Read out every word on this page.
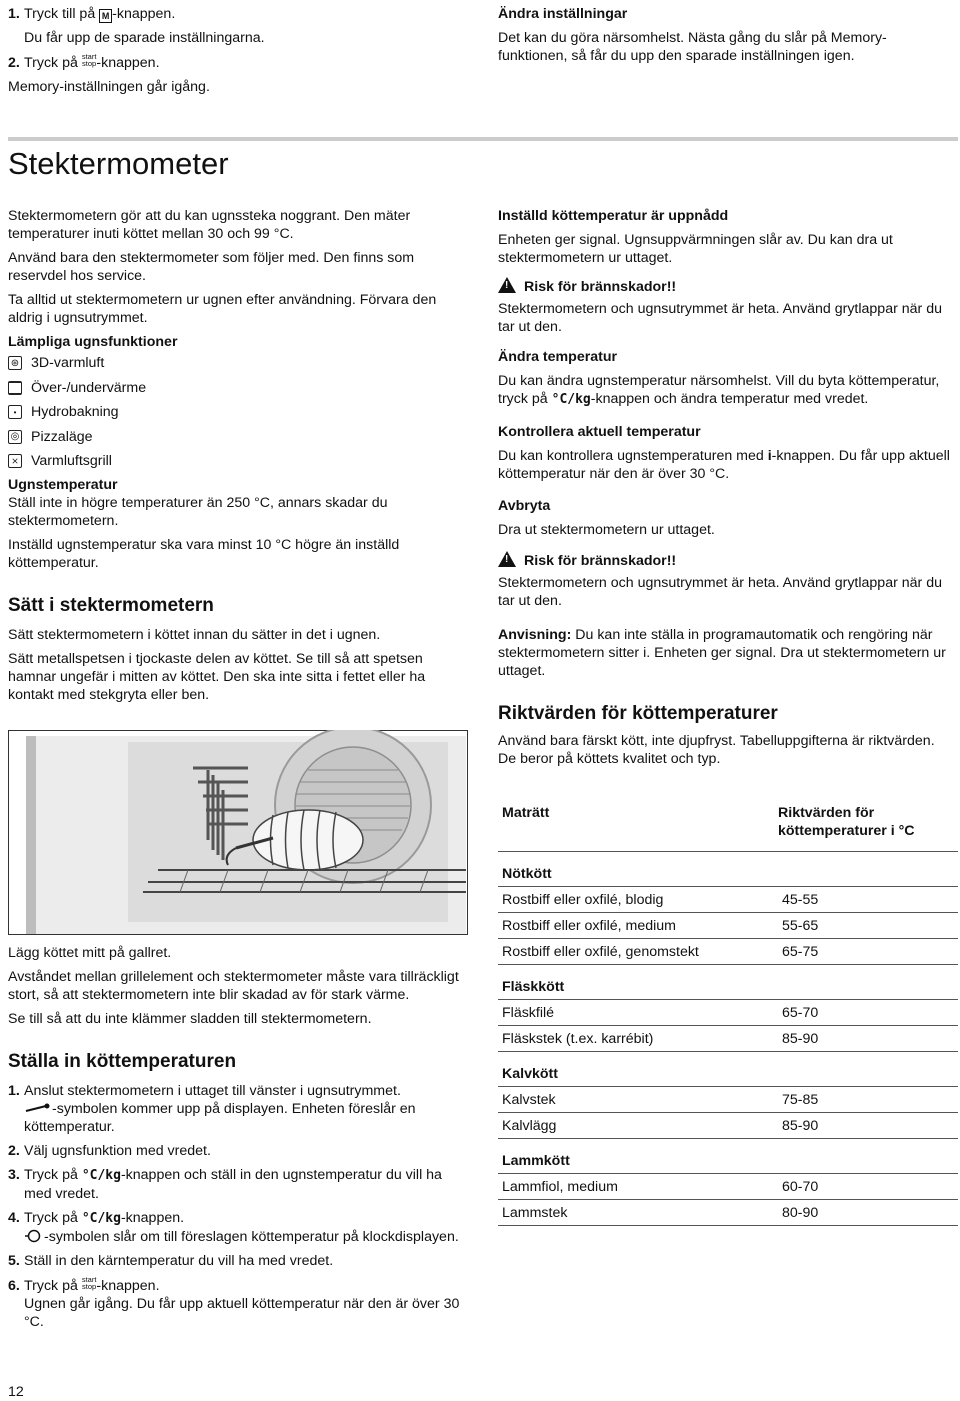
1. Tryck till på M -knappen.

Du får upp de sparade inställningarna.

2. Tryck på start
stop-knappen.

Memory-inställningen går igång.

Ändra inställningar

Det kan du göra närsomhelst. Nästa gång du slår på Memory-funktionen, så får du upp den sparade inställningen igen.

Stektermometer

Stektermometern gör att du kan ugnssteka noggrant. Den mäter temperaturer inuti köttet mellan 30 och 99 °C.

Använd bara den stektermometer som följer med. Den finns som reservdel hos service.

Ta alltid ut stektermometern ur ugnen efter användning. Förvara den aldrig i ugnsutrymmet.

Lämpliga ugnsfunktioner

⊛ 3D-varmluft
Över-/undervärme
•	Hydrobakning
◎ Pizzaläge
⨯ Varmluftsgrill

Ugnstemperatur

Ställ inte in högre temperaturer än 250 °C, annars skadar du stektermometern.

Inställd ugnstemperatur ska vara minst 10 °C högre än inställd köttemperatur.

Sätt i stektermometern

Sätt stektermometern i köttet innan du sätter in det i ugnen.

Sätt metallspetsen i tjockaste delen av köttet. Se till så att spetsen hamnar ungefär i mitten av köttet. Den ska inte sitta i fettet eller ha kontakt med stekgryta eller ben.

Lägg köttet mitt på gallret.

Avståndet mellan grillelement och stektermometer måste vara tillräckligt stort, så att stektermometern inte blir skadad av för stark värme.

Se till så att du inte klämmer sladden till stektermometern.

Ställa in köttemperaturen

1. Anslut stektermometern i uttaget till vänster i ugnsutrymmet.

-symbolen kommer upp på displayen. Enheten föreslår en köttemperatur.

2. Välj ugnsfunktion med vredet.

3. Tryck på °C/kg-knappen och ställ in den ugnstemperatur du vill ha med vredet.

4. Tryck på °C/kg-knappen.

-symbolen slår om till föreslagen köttemperatur på klockdisplayen.

5. Ställ in den kärntemperatur du vill ha med vredet.

6. Tryck på start
stop-knappen.

Ugnen går igång. Du får upp aktuell köttemperatur när den är över 30 °C.

Inställd köttemperatur är uppnådd

Enheten ger signal. Ugnsuppvärmningen slår av. Du kan dra ut stektermometern ur uttaget.

!Risk för brännskador!!

Stektermometern och ugnsutrymmet är heta. Använd grytlappar när du tar ut den.

Ändra temperatur

Du kan ändra ugnstemperatur närsomhelst. Vill du byta köttemperatur, tryck på °C/kg-knappen och ändra temperatur med vredet.

Kontrollera aktuell temperatur

Du kan kontrollera ugnstemperaturen med i-knappen. Du får upp aktuell köttemperatur när den är över 30 °C.

Avbryta

Dra ut stektermometern ur uttaget.

!Risk för brännskador!!

Stektermometern och ugnsutrymmet är heta. Använd grytlappar när du tar ut den.

Anvisning: Du kan inte ställa in programautomatik och rengöring när stektermometern sitter i. Enheten ger signal. Dra ut stektermometern ur uttaget.

Riktvärden för köttemperaturer

Använd bara färskt kött, inte djupfryst. Tabelluppgifterna är riktvärden. De beror på köttets kvalitet och typ.

Maträtt	Riktvärden för köttemperaturer i °C
Nötkött	
Rostbiff eller oxfilé, blodig	45-55
Rostbiff eller oxfilé, medium	55-65
Rostbiff eller oxfilé, genomstekt	65-75
Fläskkött	
Fläskfilé	65-70
Fläskstek (t.ex. karrébit)	85-90
Kalvkött	
Kalvstek	75-85
Kalvlägg	85-90
Lammkött	
Lammfiol, medium	60-70
Lammstek	80-90
12
